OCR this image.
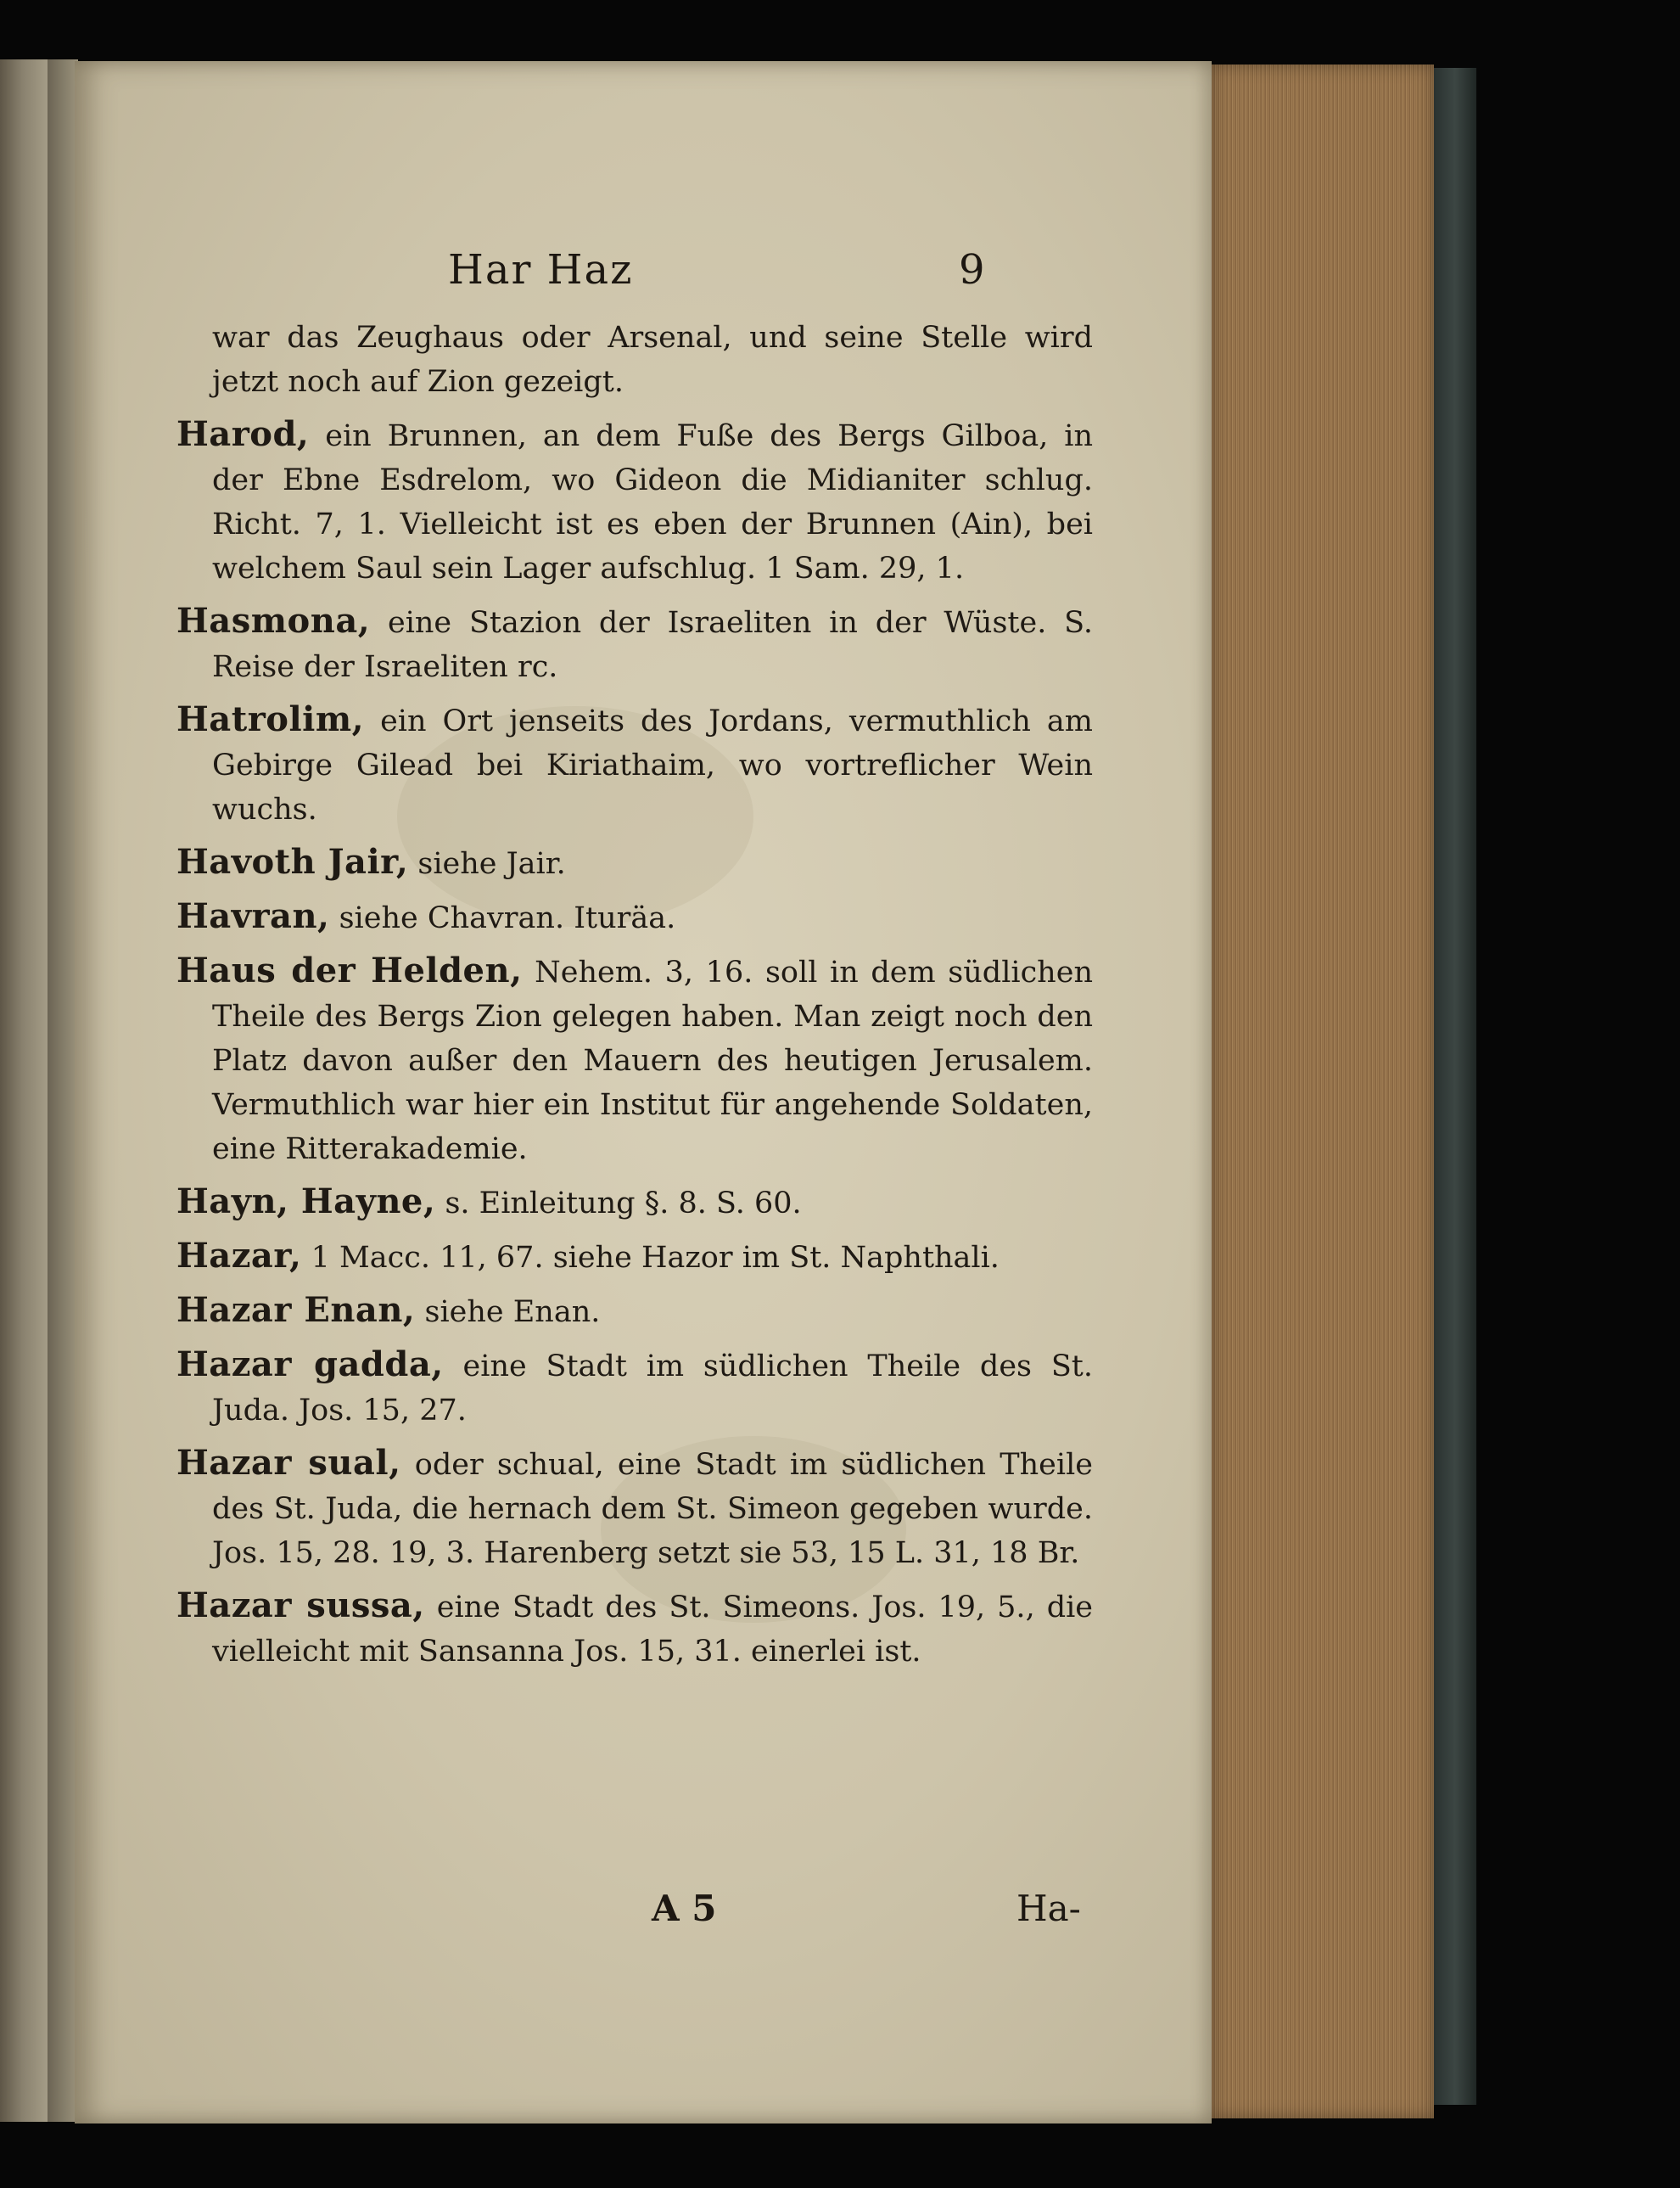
Har Haz	9

war das Zeughaus oder Arsenal, und seine Stelle wird jetzt noch auf Zion gezeigt.

Harod, ein Brunnen, an dem Fuße des Bergs Gilboa, in der Ebne Esdrelom, wo Gideon die Midianiter schlug. Richt. 7, 1. Vielleicht ist es eben der Brunnen (Ain), bei welchem Saul sein Lager aufschlug. 1 Sam. 29, 1.

Hasmona, eine Stazion der Israeliten in der Wüste. S. Reise der Israeliten rc.

Hatrolim, ein Ort jenseits des Jordans, vermuthlich am Gebirge Gilead bei Kiriathaim, wo vortreflicher Wein wuchs.

Havoth Jair, siehe Jair.

Havran, siehe Chavran. Ituräa.

Haus der Helden, Nehem. 3, 16. soll in dem südlichen Theile des Bergs Zion gelegen haben. Man zeigt noch den Platz davon außer den Mauern des heutigen Jerusalem. Vermuthlich war hier ein Institut für angehende Soldaten, eine Ritterakademie.

Hayn, Hayne, s. Einleitung §. 8. S. 60.

Hazar, 1 Macc. 11, 67. siehe Hazor im St. Naphthali.

Hazar Enan, siehe Enan.

Hazar gadda, eine Stadt im südlichen Theile des St. Juda. Jos. 15, 27.

Hazar sual, oder schual, eine Stadt im südlichen Theile des St. Juda, die hernach dem St. Simeon gegeben wurde. Jos. 15, 28. 19, 3. Harenberg setzt sie 53, 15 L. 31, 18 Br.

Hazar sussa, eine Stadt des St. Simeons. Jos. 19, 5., die vielleicht mit Sansanna Jos. 15, 31. einerlei ist.

A 5	Ha-
